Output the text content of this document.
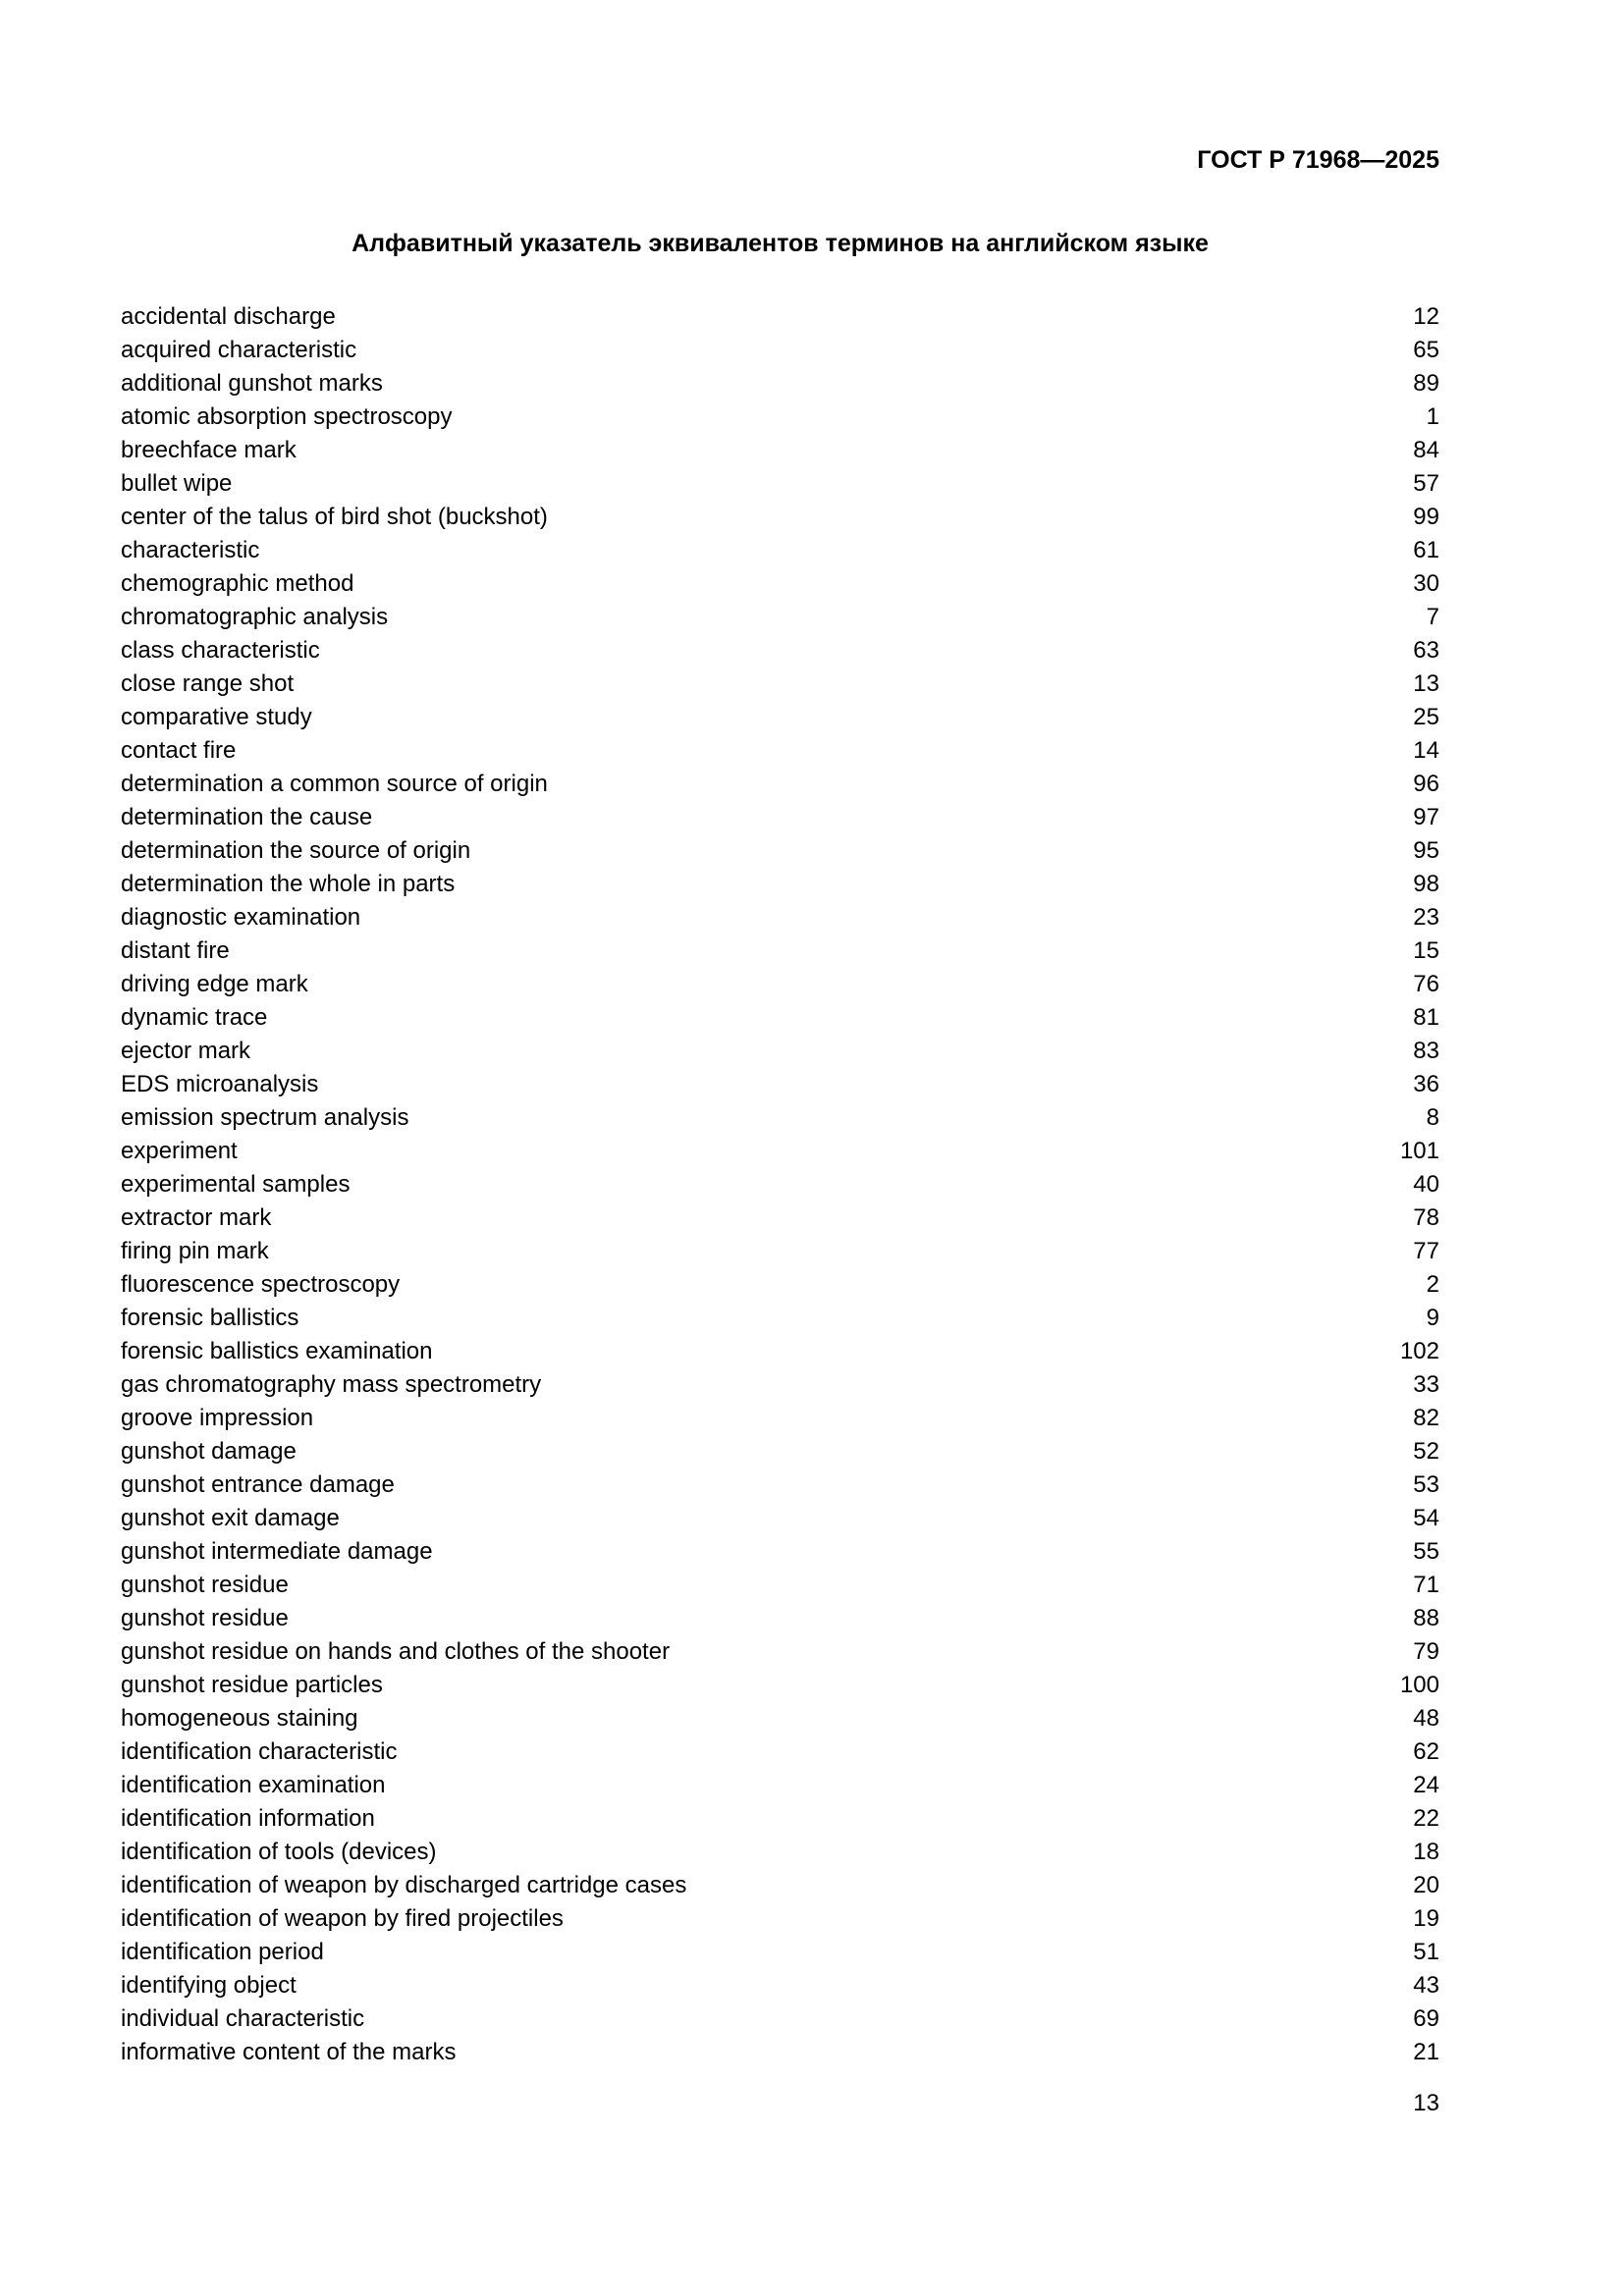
ГОСТ Р 71968—2025
Алфавитный указатель эквивалентов терминов на английском языке
accidental discharge	12
acquired characteristic	65
additional gunshot marks	89
atomic absorption spectroscopy	1
breechface mark	84
bullet wipe	57
center of the talus of bird shot (buckshot)	99
characteristic	61
chemographic method	30
chromatographic analysis	7
class characteristic	63
close range shot	13
comparative study	25
contact fire	14
determination a common source of origin	96
determination the cause	97
determination the source of origin	95
determination the whole in parts	98
diagnostic examination	23
distant fire	15
driving edge mark	76
dynamic trace	81
ejector mark	83
EDS microanalysis	36
emission spectrum analysis	8
experiment	101
experimental samples	40
extractor mark	78
firing pin mark	77
fluorescence spectroscopy	2
forensic ballistics	9
forensic ballistics examination	102
gas chromatography mass spectrometry	33
groove impression	82
gunshot damage	52
gunshot entrance damage	53
gunshot exit damage	54
gunshot intermediate damage	55
gunshot residue	71
gunshot residue	88
gunshot residue on hands and clothes of the shooter	79
gunshot residue particles	100
homogeneous staining	48
identification characteristic	62
identification examination	24
identification information	22
identification of tools (devices)	18
identification of weapon by discharged cartridge cases	20
identification of weapon by fired projectiles	19
identification period	51
identifying object	43
individual characteristic	69
informative content of the marks	21
13
